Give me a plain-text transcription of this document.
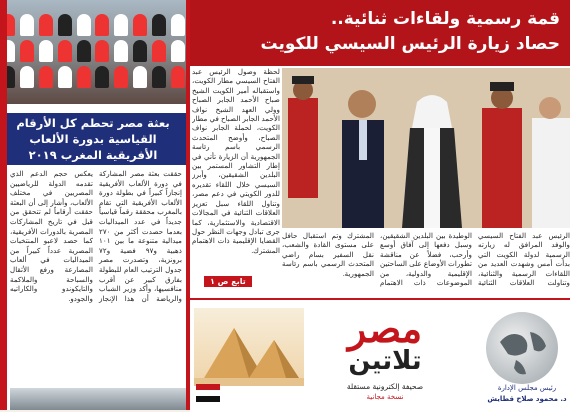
بعثة مصر تحطم كل الأرقام
القياسية بدورة الألعاب
الأفريقية المغرب ٢٠١٩
حققت بعثة مصر المشاركة في دورة الألعاب الأفريقية إنجازاً كبيراً في بطولة دورة الألعاب الأفريقية التي تقام بالمغرب محققة رقماً قياسياً جديداً في عدد الميداليات بعدما حصدت أكثر من ٢٧٠ ميدالية متنوعة ما بين ١٠١ ذهبية و٩٧ فضية و٧٢ برونزية، وتصدرت مصر جدول الترتيب العام للبطولة بفارق كبير عن أقرب منافسيها، وأكد وزير الشباب والرياضة أن هذا الإنجاز يعكس حجم الدعم الذي تقدمه الدولة للرياضيين المصريين في مختلف الألعاب، وأشار إلى أن البعثة حققت أرقاماً لم تتحقق من قبل في تاريخ المشاركات المصرية بالدورات الأفريقية، كما حصد لاعبو المنتخبات المصرية عدداً كبيراً من الميداليات في ألعاب المصارعة ورفع الأثقال والسباحة والملاكمة والتايكوندو والكاراتيه والجودو.
قمة رسمية ولقاءات ثنائية..
حصاد زيارة الرئيس السيسي للكويت
لحظة وصول الرئيس عبد الفتاح السيسي مطار الكويت، واستقباله أمير الكويت الشيخ صباح الأحمد الجابر الصباح وولي العهد الشيخ نواف الأحمد الجابر الصباح في مطار الكويت، لحملة الجابر نواف الصباح، وأوضح المتحدث الرسمي باسم رئاسة الجمهورية أن الزيارة تأتي في إطار التشاور المستمر بين البلدين الشقيقين، وأبرز السيسي خلال اللقاء تقديره للدور الكويتي في دعم مصر، وتناول اللقاء سبل تعزيز العلاقات الثنائية في المجالات الاقتصادية والاستثمارية، كما جرى تبادل وجهات النظر حول القضايا الإقليمية ذات الاهتمام المشترك.
الرئيس عبد الفتاح السيسي والوفد المرافق له زيارته الرسمية لدولة الكويت التي بدأت أمس وشهدت العديد من اللقاءات الرسمية والثنائية، وتناولت العلاقات الثنائية الوطيدة بين البلدين الشقيقين، وسبل دفعها إلى آفاق أوسع وأرحب، فضلاً عن مناقشة تطورات الأوضاع على الساحتين الإقليمية والدولية، من الموضوعات ذات الاهتمام المشترك وتم استقبال حافل على مستوى القادة والشعب، نقل السفير بسام راضي المتحدث الرسمي باسم رئاسة الجمهورية.
تابع ص ١
مصر
تلاتين
صحيفة إلكترونية مستقلة
نسخة مجانية
رئيس مجلس الإدارة
د. محمود صلاح قطايش
